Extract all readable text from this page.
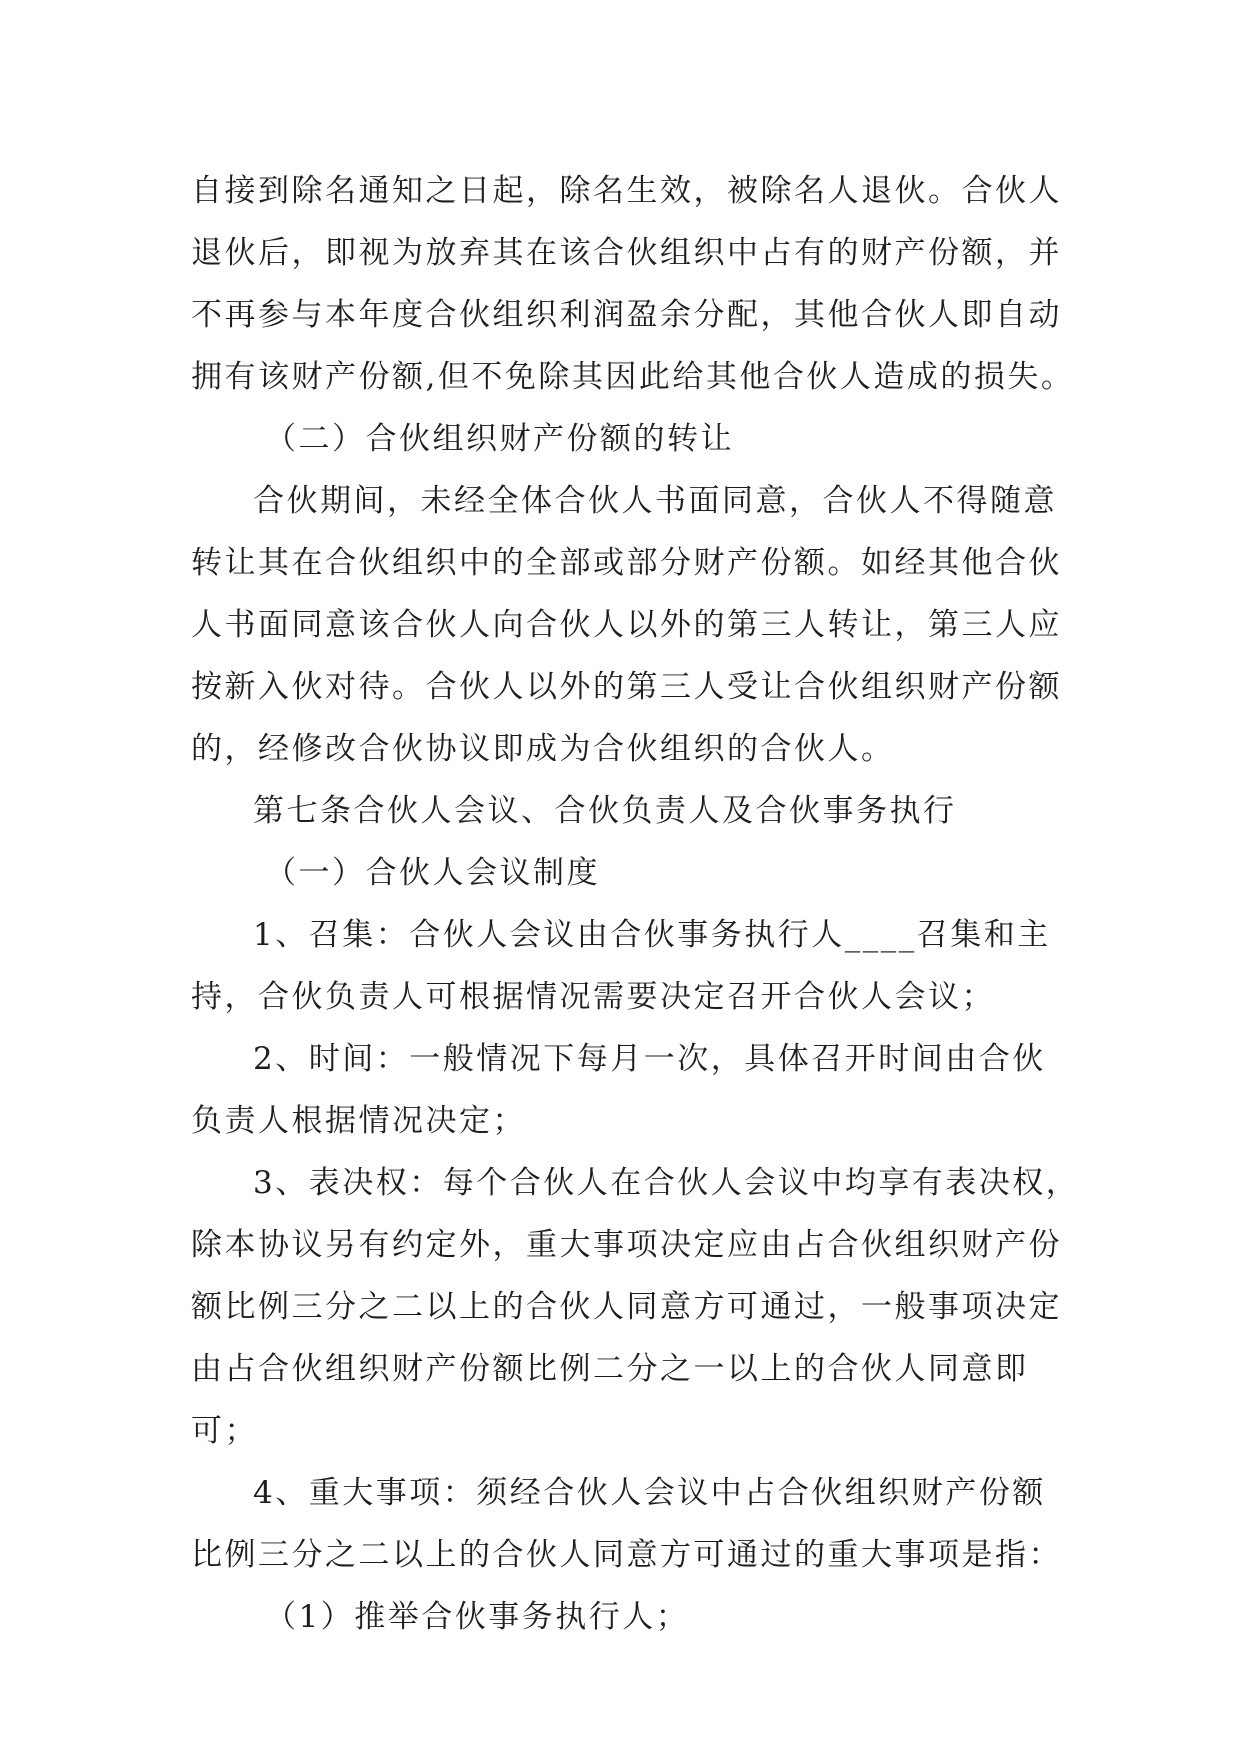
自接到除名通知之日起，除名生效，被除名人退伙。合伙人
退伙后，即视为放弃其在该合伙组织中占有的财产份额，并
不再参与本年度合伙组织利润盈余分配，其他合伙人即自动
拥有该财产份额,但不免除其因此给其他合伙人造成的损失。
（二）合伙组织财产份额的转让
合伙期间，未经全体合伙人书面同意，合伙人不得随意
转让其在合伙组织中的全部或部分财产份额。如经其他合伙
人书面同意该合伙人向合伙人以外的第三人转让，第三人应
按新入伙对待。合伙人以外的第三人受让合伙组织财产份额
的，经修改合伙协议即成为合伙组织的合伙人。
第七条合伙人会议、合伙负责人及合伙事务执行
（一）合伙人会议制度
1、召集：合伙人会议由合伙事务执行人____召集和主
持，合伙负责人可根据情况需要决定召开合伙人会议；
2、时间：一般情况下每月一次，具体召开时间由合伙
负责人根据情况决定；
3、表决权：每个合伙人在合伙人会议中均享有表决权，
除本协议另有约定外，重大事项决定应由占合伙组织财产份
额比例三分之二以上的合伙人同意方可通过，一般事项决定
由占合伙组织财产份额比例二分之一以上的合伙人同意即
可；
4、重大事项：须经合伙人会议中占合伙组织财产份额
比例三分之二以上的合伙人同意方可通过的重大事项是指：
（1）推举合伙事务执行人；
